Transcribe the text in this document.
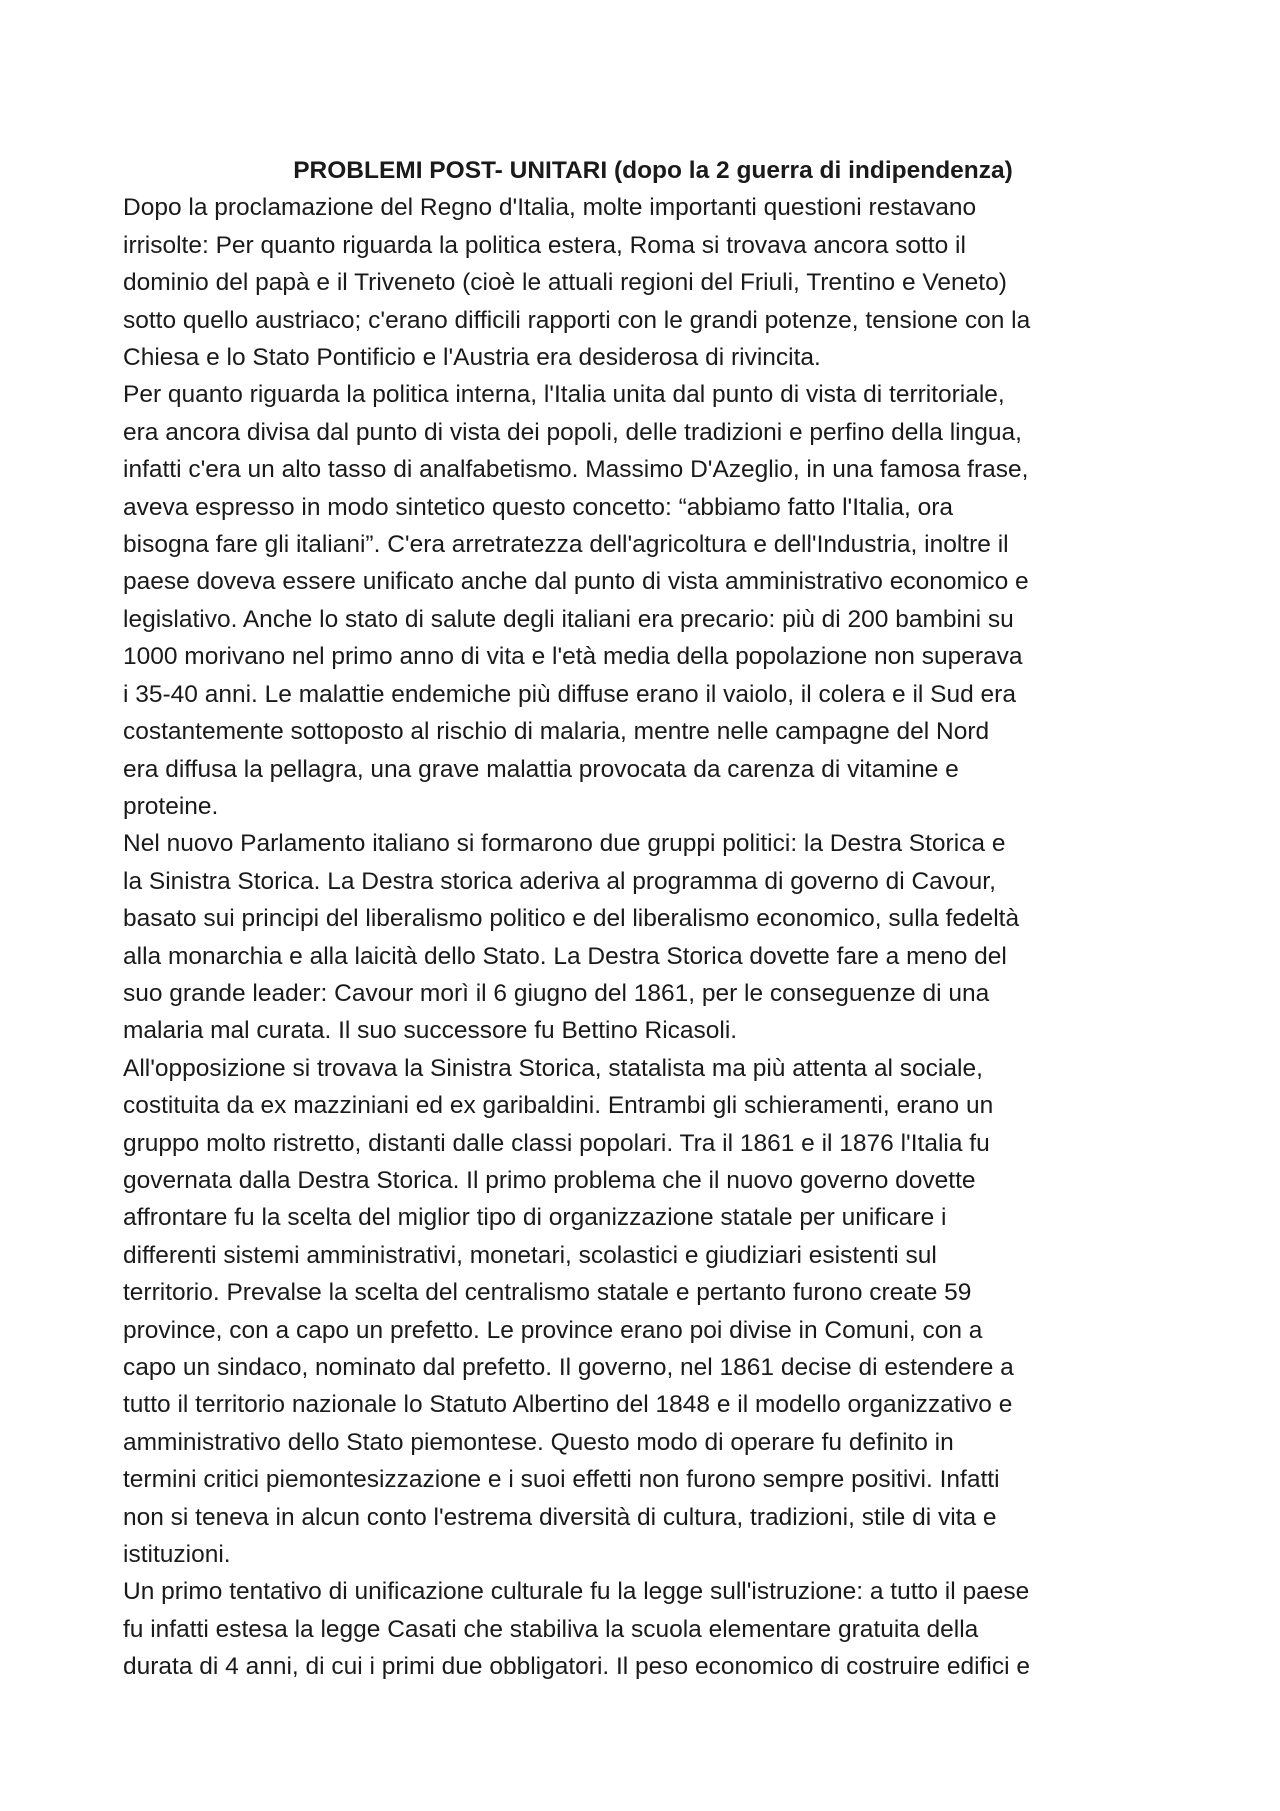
PROBLEMI POST- UNITARI (dopo la 2 guerra di indipendenza)

Dopo la proclamazione del Regno d'Italia, molte importanti questioni restavano
irrisolte: Per quanto riguarda la politica estera, Roma si trovava ancora sotto il
dominio del papà e il Triveneto (cioè le attuali regioni del Friuli, Trentino e Veneto)
sotto quello austriaco; c'erano difficili rapporti con le grandi potenze, tensione con la
Chiesa e lo Stato Pontificio e l'Austria era desiderosa di rivincita.

Per quanto riguarda la politica interna, l'Italia unita dal punto di vista di territoriale,
era ancora divisa dal punto di vista dei popoli, delle tradizioni e perfino della lingua,
infatti c'era un alto tasso di analfabetismo. Massimo D'Azeglio, in una famosa frase,
aveva espresso in modo sintetico questo concetto: “abbiamo fatto l'Italia, ora
bisogna fare gli italiani”. C'era arretratezza dell'agricoltura e dell'Industria, inoltre il
paese doveva essere unificato anche dal punto di vista amministrativo economico e
legislativo. Anche lo stato di salute degli italiani era precario: più di 200 bambini su
1000 morivano nel primo anno di vita e l'età media della popolazione non superava
i 35-40 anni. Le malattie endemiche più diffuse erano il vaiolo, il colera e il Sud era
costantemente sottoposto al rischio di malaria, mentre nelle campagne del Nord
era diffusa la pellagra, una grave malattia provocata da carenza di vitamine e
proteine.

Nel nuovo Parlamento italiano si formarono due gruppi politici: la Destra Storica e
la Sinistra Storica. La Destra storica aderiva al programma di governo di Cavour,
basato sui principi del liberalismo politico e del liberalismo economico, sulla fedeltà
alla monarchia e alla laicità dello Stato. La Destra Storica dovette fare a meno del
suo grande leader: Cavour morì il 6 giugno del 1861, per le conseguenze di una
malaria mal curata. Il suo successore fu Bettino Ricasoli.

All'opposizione si trovava la Sinistra Storica, statalista ma più attenta al sociale,
costituita da ex mazziniani ed ex garibaldini. Entrambi gli schieramenti, erano un
gruppo molto ristretto, distanti dalle classi popolari. Tra il 1861 e il 1876 l'Italia fu
governata dalla Destra Storica. Il primo problema che il nuovo governo dovette
affrontare fu la scelta del miglior tipo di organizzazione statale per unificare i
differenti sistemi amministrativi, monetari, scolastici e giudiziari esistenti sul
territorio. Prevalse la scelta del centralismo statale e pertanto furono create 59
province, con a capo un prefetto. Le province erano poi divise in Comuni, con a
capo un sindaco, nominato dal prefetto. Il governo, nel 1861 decise di estendere a
tutto il territorio nazionale lo Statuto Albertino del 1848 e il modello organizzativo e
amministrativo dello Stato piemontese. Questo modo di operare fu definito in
termini critici piemontesizzazione e i suoi effetti non furono sempre positivi. Infatti
non si teneva in alcun conto l'estrema diversità di cultura, tradizioni, stile di vita e
istituzioni.

Un primo tentativo di unificazione culturale fu la legge sull'istruzione: a tutto il paese
fu infatti estesa la legge Casati che stabiliva la scuola elementare gratuita della
durata di 4 anni, di cui i primi due obbligatori. Il peso economico di costruire edifici e
